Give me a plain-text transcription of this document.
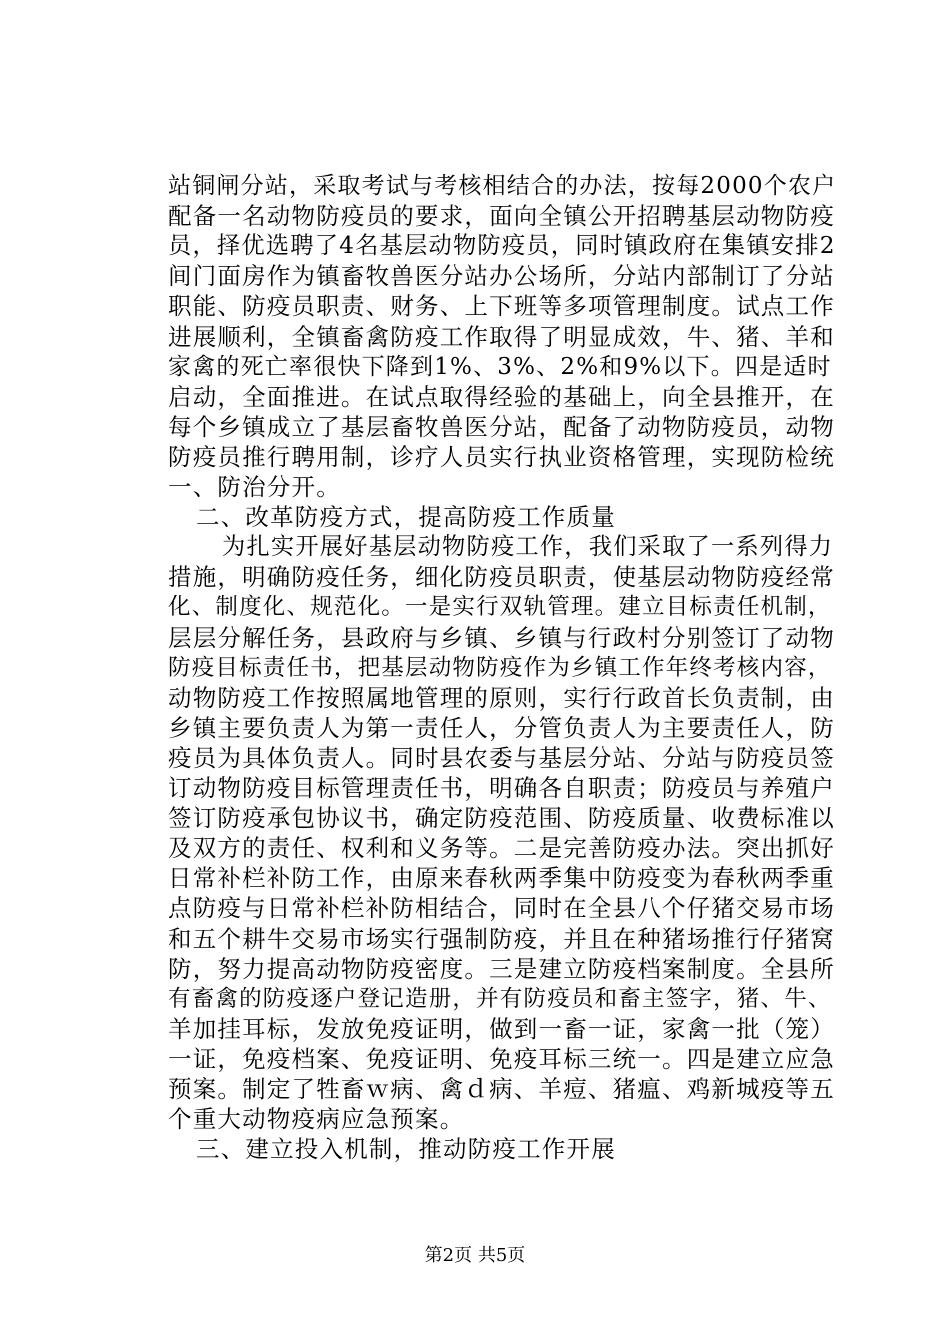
站铜闸分站，采取考试与考核相结合的办法，按每2000个农户
配备一名动物防疫员的要求，面向全镇公开招聘基层动物防疫
员，择优选聘了4名基层动物防疫员，同时镇政府在集镇安排2
间门面房作为镇畜牧兽医分站办公场所，分站内部制订了分站
职能、防疫员职责、财务、上下班等多项管理制度。试点工作
进展顺利，全镇畜禽防疫工作取得了明显成效，牛、猪、羊和
家禽的死亡率很快下降到1%、3%、2%和9%以下。四是适时
启动，全面推进。在试点取得经验的基础上，向全县推开，在
每个乡镇成立了基层畜牧兽医分站，配备了动物防疫员，动物
防疫员推行聘用制，诊疗人员实行执业资格管理，实现防检统
一、防治分开。
二、改革防疫方式，提高防疫工作质量
为扎实开展好基层动物防疫工作，我们采取了一系列得力
措施，明确防疫任务，细化防疫员职责，使基层动物防疫经常
化、制度化、规范化。一是实行双轨管理。建立目标责任机制，
层层分解任务，县政府与乡镇、乡镇与行政村分别签订了动物
防疫目标责任书，把基层动物防疫作为乡镇工作年终考核内容，
动物防疫工作按照属地管理的原则，实行行政首长负责制，由
乡镇主要负责人为第一责任人，分管负责人为主要责任人，防
疫员为具体负责人。同时县农委与基层分站、分站与防疫员签
订动物防疫目标管理责任书，明确各自职责；防疫员与养殖户
签订防疫承包协议书，确定防疫范围、防疫质量、收费标准以
及双方的责任、权利和义务等。二是完善防疫办法。突出抓好
日常补栏补防工作，由原来春秋两季集中防疫变为春秋两季重
点防疫与日常补栏补防相结合，同时在全县八个仔猪交易市场
和五个耕牛交易市场实行强制防疫，并且在种猪场推行仔猪窝
防，努力提高动物防疫密度。三是建立防疫档案制度。全县所
有畜禽的防疫逐户登记造册，并有防疫员和畜主签字，猪、牛、
羊加挂耳标，发放免疫证明，做到一畜一证，家禽一批（笼）
一证，免疫档案、免疫证明、免疫耳标三统一。四是建立应急
预案。制定了牲畜ｗ病、禽ｄ病、羊痘、猪瘟、鸡新城疫等五
个重大动物疫病应急预案。
三、建立投入机制，推动防疫工作开展
第2页 共5页
